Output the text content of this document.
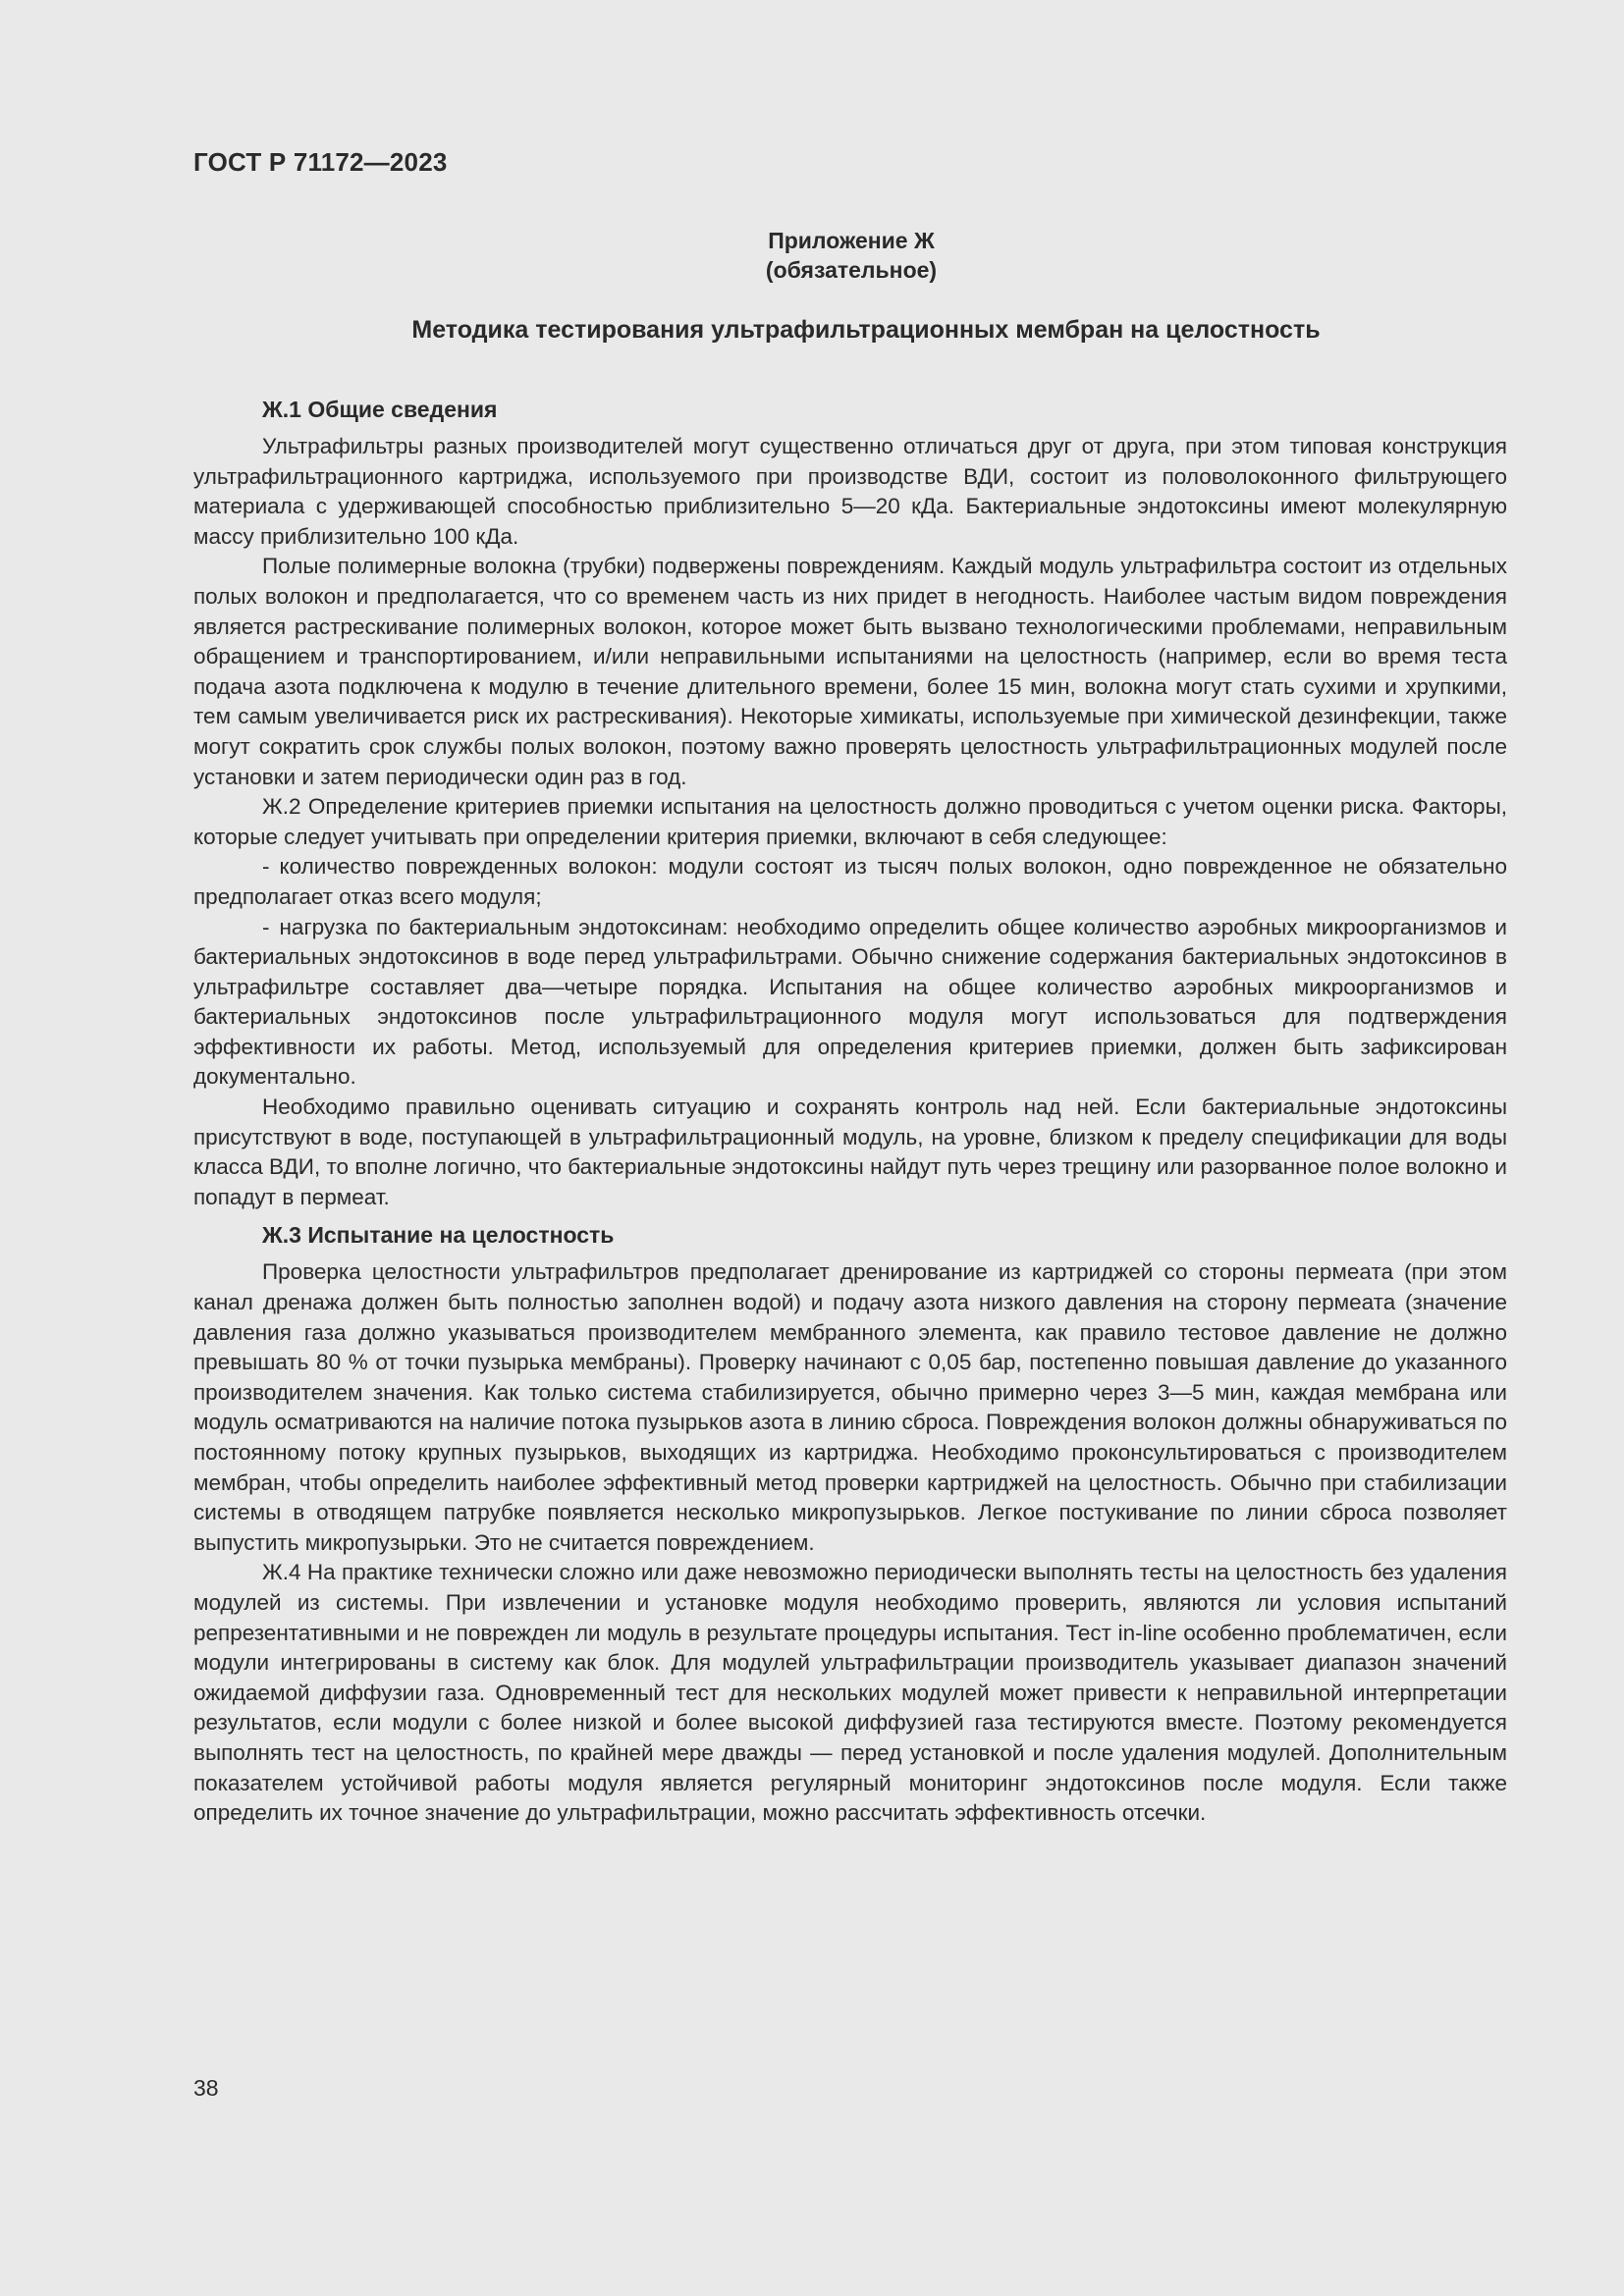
ГОСТ Р 71172—2023
Приложение Ж
(обязательное)
Методика тестирования ультрафильтрационных мембран на целостность
Ж.1 Общие сведения

Ультрафильтры разных производителей могут существенно отличаться друг от друга, при этом типовая конструкция ультрафильтрационного картриджа, используемого при производстве ВДИ, состоит из половолоконного фильтрующего материала с удерживающей способностью приблизительно 5—20 кДа. Бактериальные эндотоксины имеют молекулярную массу приблизительно 100 кДа.

Полые полимерные волокна (трубки) подвержены повреждениям. Каждый модуль ультрафильтра состоит из отдельных полых волокон и предполагается, что со временем часть из них придет в негодность. Наиболее частым видом повреждения является растрескивание полимерных волокон, которое может быть вызвано технологическими проблемами, неправильным обращением и транспортированием, и/или неправильными испытаниями на целостность (например, если во время теста подача азота подключена к модулю в течение длительного времени, более 15 мин, волокна могут стать сухими и хрупкими, тем самым увеличивается риск их растрескивания). Некоторые химикаты, используемые при химической дезинфекции, также могут сократить срок службы полых волокон, поэтому важно проверять целостность ультрафильтрационных модулей после установки и затем периодически один раз в год.

Ж.2 Определение критериев приемки испытания на целостность должно проводиться с учетом оценки риска. Факторы, которые следует учитывать при определении критерия приемки, включают в себя следующее:

- количество поврежденных волокон: модули состоят из тысяч полых волокон, одно поврежденное не обязательно предполагает отказ всего модуля;

- нагрузка по бактериальным эндотоксинам: необходимо определить общее количество аэробных микроорганизмов и бактериальных эндотоксинов в воде перед ультрафильтрами. Обычно снижение содержания бактериальных эндотоксинов в ультрафильтре составляет два—четыре порядка. Испытания на общее количество аэробных микроорганизмов и бактериальных эндотоксинов после ультрафильтрационного модуля могут использоваться для подтверждения эффективности их работы. Метод, используемый для определения критериев приемки, должен быть зафиксирован документально.

Необходимо правильно оценивать ситуацию и сохранять контроль над ней. Если бактериальные эндотоксины присутствуют в воде, поступающей в ультрафильтрационный модуль, на уровне, близком к пределу спецификации для воды класса ВДИ, то вполне логично, что бактериальные эндотоксины найдут путь через трещину или разорванное полое волокно и попадут в пермеат.

Ж.3 Испытание на целостность

Проверка целостности ультрафильтров предполагает дренирование из картриджей со стороны пермеата (при этом канал дренажа должен быть полностью заполнен водой) и подачу азота низкого давления на сторону пермеата (значение давления газа должно указываться производителем мембранного элемента, как правило тестовое давление не должно превышать 80 % от точки пузырька мембраны). Проверку начинают с 0,05 бар, постепенно повышая давление до указанного производителем значения. Как только система стабилизируется, обычно примерно через 3—5 мин, каждая мембрана или модуль осматриваются на наличие потока пузырьков азота в линию сброса. Повреждения волокон должны обнаруживаться по постоянному потоку крупных пузырьков, выходящих из картриджа. Необходимо проконсультироваться с производителем мембран, чтобы определить наиболее эффективный метод проверки картриджей на целостность. Обычно при стабилизации системы в отводящем патрубке появляется несколько микропузырьков. Легкое постукивание по линии сброса позволяет выпустить микропузырьки. Это не считается повреждением.

Ж.4 На практике технически сложно или даже невозможно периодически выполнять тесты на целостность без удаления модулей из системы. При извлечении и установке модуля необходимо проверить, являются ли условия испытаний репрезентативными и не поврежден ли модуль в результате процедуры испытания. Тест in-line особенно проблематичен, если модули интегрированы в систему как блок. Для модулей ультрафильтрации производитель указывает диапазон значений ожидаемой диффузии газа. Одновременный тест для нескольких модулей может привести к неправильной интерпретации результатов, если модули с более низкой и более высокой диффузией газа тестируются вместе. Поэтому рекомендуется выполнять тест на целостность, по крайней мере дважды — перед установкой и после удаления модулей. Дополнительным показателем устойчивой работы модуля является регулярный мониторинг эндотоксинов после модуля. Если также определить их точное значение до ультрафильтрации, можно рассчитать эффективность отсечки.

38
